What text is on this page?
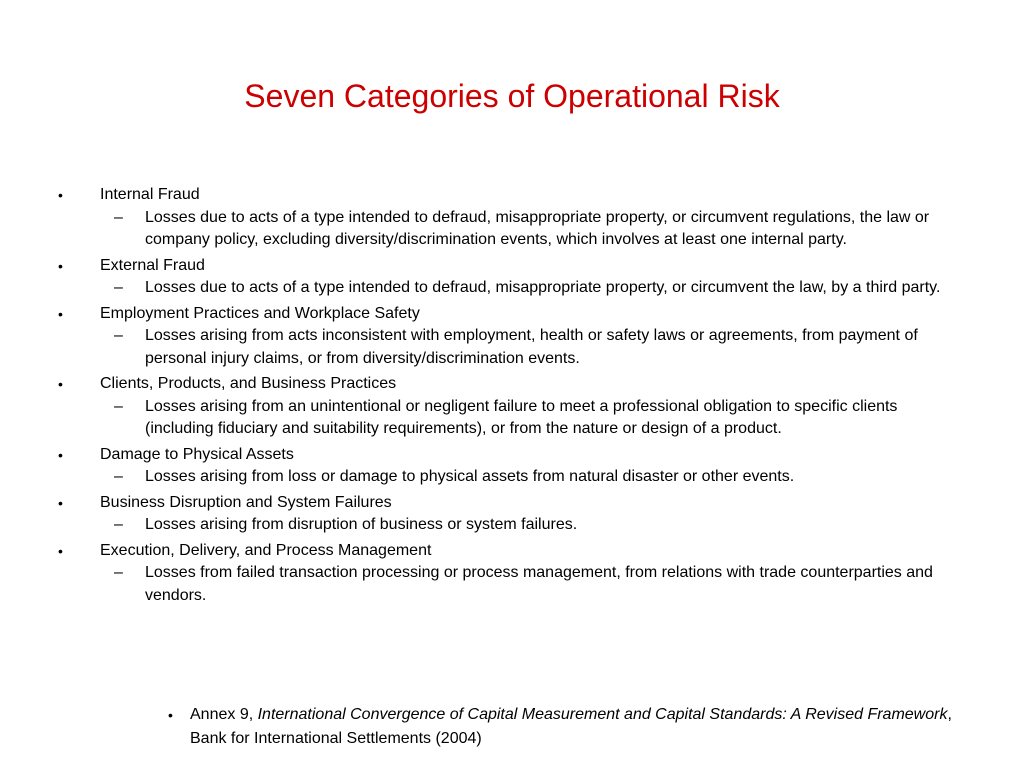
Seven Categories of Operational Risk
• Internal Fraud
– Losses due to acts of a type intended to defraud, misappropriate property, or circumvent regulations, the law or company policy, excluding diversity/discrimination events, which involves at least one internal party.
• External Fraud
– Losses due to acts of a type intended to defraud, misappropriate property, or circumvent the law, by a third party.
• Employment Practices and Workplace Safety
– Losses arising from acts inconsistent with employment, health or safety laws or agreements, from payment of personal injury claims, or from diversity/discrimination events.
• Clients, Products, and Business Practices
– Losses arising from an unintentional or negligent failure to meet a professional obligation to specific clients (including fiduciary and suitability requirements), or from the nature or design of a product.
• Damage to Physical Assets
– Losses arising from loss or damage to physical assets from natural disaster or other events.
• Business Disruption and System Failures
– Losses arising from disruption of business or system failures.
• Execution, Delivery, and Process Management
– Losses from failed transaction processing or process management, from relations with trade counterparties and vendors.
• Annex 9, International Convergence of Capital Measurement and Capital Standards: A Revised Framework, Bank for International Settlements (2004)
